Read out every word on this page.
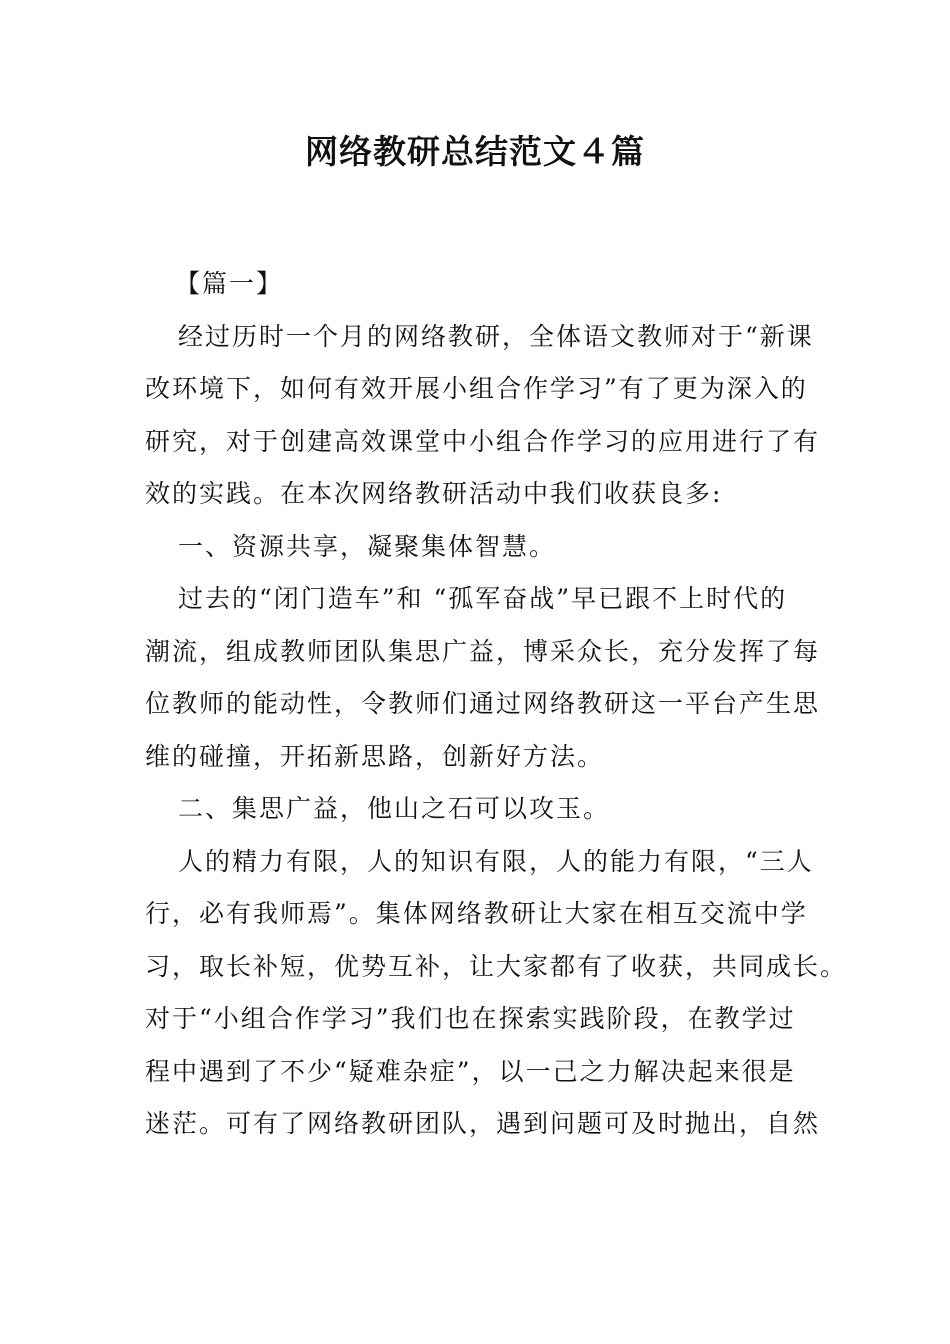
网络教研总结范文４篇

【篇一】

经过历时一个月的网络教研，全体语文教师对于“新课
改环境下，如何有效开展小组合作学习”有了更为深入的
研究，对于创建高效课堂中小组合作学习的应用进行了有
效的实践。在本次网络教研活动中我们收获良多:

一、资源共享，凝聚集体智慧。

过去的“闭门造车”和 “孤军奋战”早已跟不上时代的
潮流，组成教师团队集思广益，博采众长，充分发挥了每
位教师的能动性，令教师们通过网络教研这一平台产生思
维的碰撞，开拓新思路，创新好方法。

二、集思广益，他山之石可以攻玉。

人的精力有限，人的知识有限，人的能力有限，“三人
行，必有我师焉”。集体网络教研让大家在相互交流中学
习，取长补短，优势互补，让大家都有了收获，共同成长。
对于“小组合作学习”我们也在探索实践阶段，在教学过
程中遇到了不少“疑难杂症”，以一己之力解决起来很是
迷茫。可有了网络教研团队，遇到问题可及时抛出，自然
